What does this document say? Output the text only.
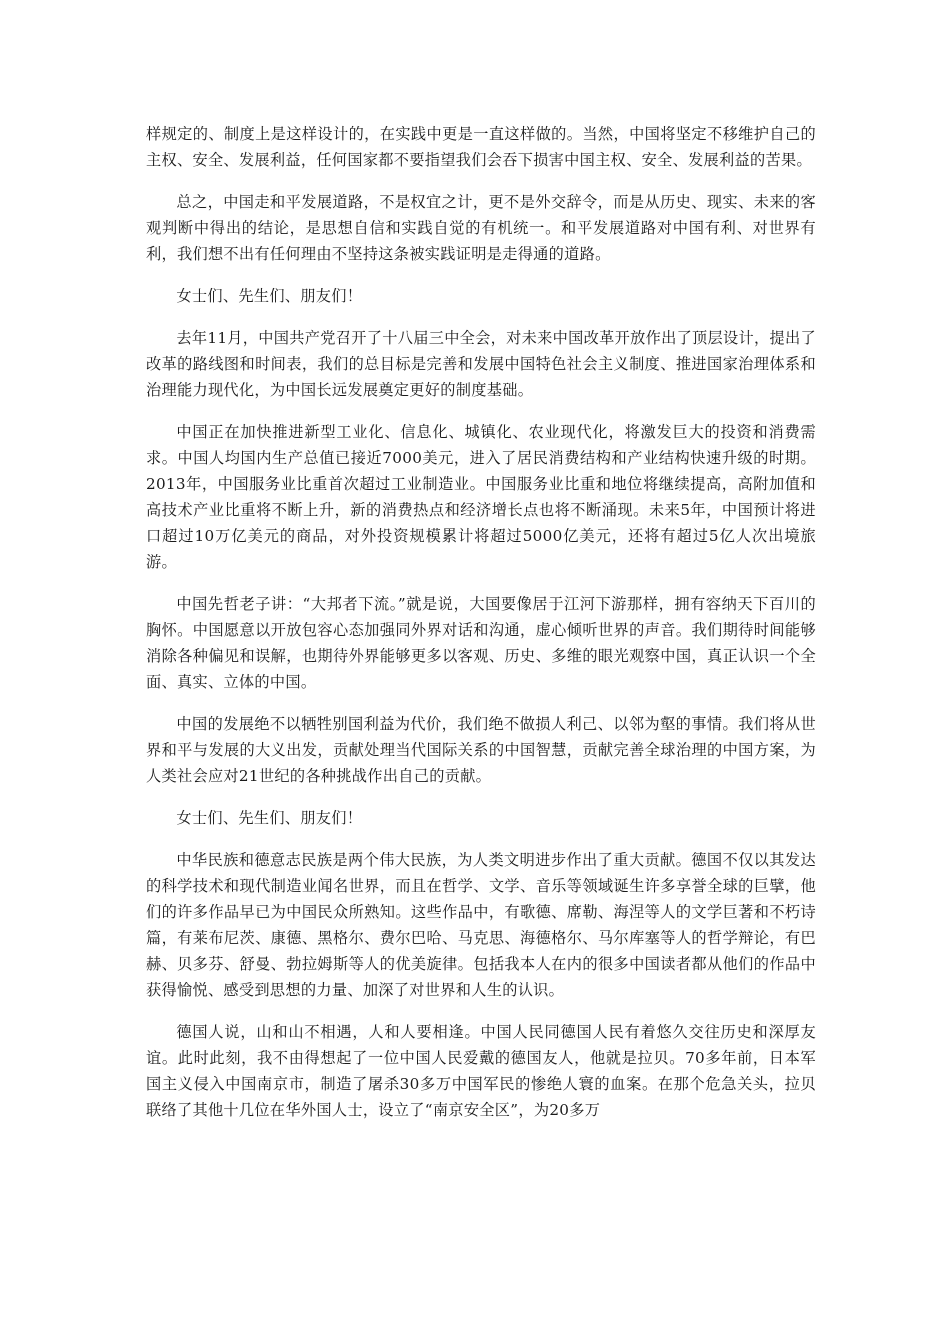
样规定的、制度上是这样设计的，在实践中更是一直这样做的。当然，中国将坚定不移维护自己的主权、安全、发展利益，任何国家都不要指望我们会吞下损害中国主权、安全、发展利益的苦果。

总之，中国走和平发展道路，不是权宜之计，更不是外交辞令，而是从历史、现实、未来的客观判断中得出的结论，是思想自信和实践自觉的有机统一。和平发展道路对中国有利、对世界有利，我们想不出有任何理由不坚持这条被实践证明是走得通的道路。

女士们、先生们、朋友们！

去年11月，中国共产党召开了十八届三中全会，对未来中国改革开放作出了顶层设计，提出了改革的路线图和时间表，我们的总目标是完善和发展中国特色社会主义制度、推进国家治理体系和治理能力现代化，为中国长远发展奠定更好的制度基础。

中国正在加快推进新型工业化、信息化、城镇化、农业现代化，将激发巨大的投资和消费需求。中国人均国内生产总值已接近7000美元，进入了居民消费结构和产业结构快速升级的时期。2013年，中国服务业比重首次超过工业制造业。中国服务业比重和地位将继续提高，高附加值和高技术产业比重将不断上升，新的消费热点和经济增长点也将不断涌现。未来5年，中国预计将进口超过10万亿美元的商品，对外投资规模累计将超过5000亿美元，还将有超过5亿人次出境旅游。

中国先哲老子讲：“大邦者下流。”就是说，大国要像居于江河下游那样，拥有容纳天下百川的胸怀。中国愿意以开放包容心态加强同外界对话和沟通，虚心倾听世界的声音。我们期待时间能够消除各种偏见和误解，也期待外界能够更多以客观、历史、多维的眼光观察中国，真正认识一个全面、真实、立体的中国。

中国的发展绝不以牺牲别国利益为代价，我们绝不做损人利己、以邻为壑的事情。我们将从世界和平与发展的大义出发，贡献处理当代国际关系的中国智慧，贡献完善全球治理的中国方案，为人类社会应对21世纪的各种挑战作出自己的贡献。

女士们、先生们、朋友们！

中华民族和德意志民族是两个伟大民族，为人类文明进步作出了重大贡献。德国不仅以其发达的科学技术和现代制造业闻名世界，而且在哲学、文学、音乐等领域诞生许多享誉全球的巨擘，他们的许多作品早已为中国民众所熟知。这些作品中，有歌德、席勒、海涅等人的文学巨著和不朽诗篇，有莱布尼茨、康德、黑格尔、费尔巴哈、马克思、海德格尔、马尔库塞等人的哲学辩论，有巴赫、贝多芬、舒曼、勃拉姆斯等人的优美旋律。包括我本人在内的很多中国读者都从他们的作品中获得愉悦、感受到思想的力量、加深了对世界和人生的认识。

德国人说，山和山不相遇，人和人要相逢。中国人民同德国人民有着悠久交往历史和深厚友谊。此时此刻，我不由得想起了一位中国人民爱戴的德国友人，他就是拉贝。70多年前，日本军国主义侵入中国南京市，制造了屠杀30多万中国军民的惨绝人寰的血案。在那个危急关头，拉贝联络了其他十几位在华外国人士，设立了“南京安全区”，为20多万
